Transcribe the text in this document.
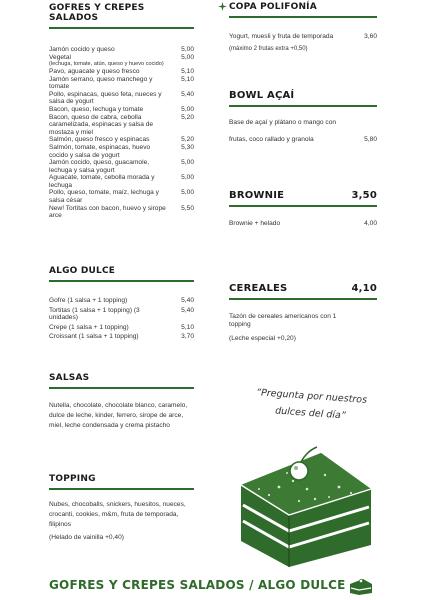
GOFRES Y CREPES SALADOS
Jamón cocido y queso	5,00
Vegetal
(lechuga, tomate, atún, queso y huevo cocido)
5,00
Pavo, aguacate y queso fresco	5,10
Jamón serrano, queso manchego y tomate
5,10
Pollo, espinacas, queso feta, nueces y salsa de yogurt
5,40
Bacon, queso, lechuga y tomate	5,00
Bacon, queso de cabra, cebolla caramelizada, espinacas y salsa de mostaza y miel
5,20
Salmón, queso fresco y espinacas	5,20
Salmón, tomate, espinacas, huevo cocido y salsa de yogurt
5,30
Jamón cocido, queso, guacamole, lechuga y salsa yogurt
5,00
Aguacate, tomate, cebolla morada y lechuga
5,00
Pollo, queso, tomate, maíz, lechuga y salsa césar
5,00
New! Tortitas con bacon, huevo y sirope arce
5,50
ALGO DULCE
Gofre (1 salsa + 1 topping)	5,40
Tortitas (1 salsa + 1 topping) (3 unidades)
5,40
Crepe (1 salsa + 1 topping)	5,10
Croissant (1 salsa + 1 topping)	3,70
SALSAS
Nutella, chocolate, chocolate blanco, caramelo, dulce de leche, kinder, ferrero, sirope de arce, miel, leche condensada y crema pistacho
TOPPING
Nubes, chocoballs, snickers, huesitos, nueces, crocanti, cookies, m&m, fruta de temporada, filipinos
(Helado de vainilla +0,40)
COPA POLIFONÍA
Yogurt, muesli y fruta de temporada	3,60
(máximo 2 frutas extra +0,50)
BOWL AÇAÍ
Base de açaí y plátano o mango con
frutas, coco rallado y granola	5,80
BROWNIE	3,50
Brownie + helado	4,00
CEREALES	4,10
Tazón de cereales americanos con 1 topping
(Leche especial +0,20)
“Pregunta por nuestros
dulces del día”
GOFRES Y CREPES SALADOS / ALGO DULCE
